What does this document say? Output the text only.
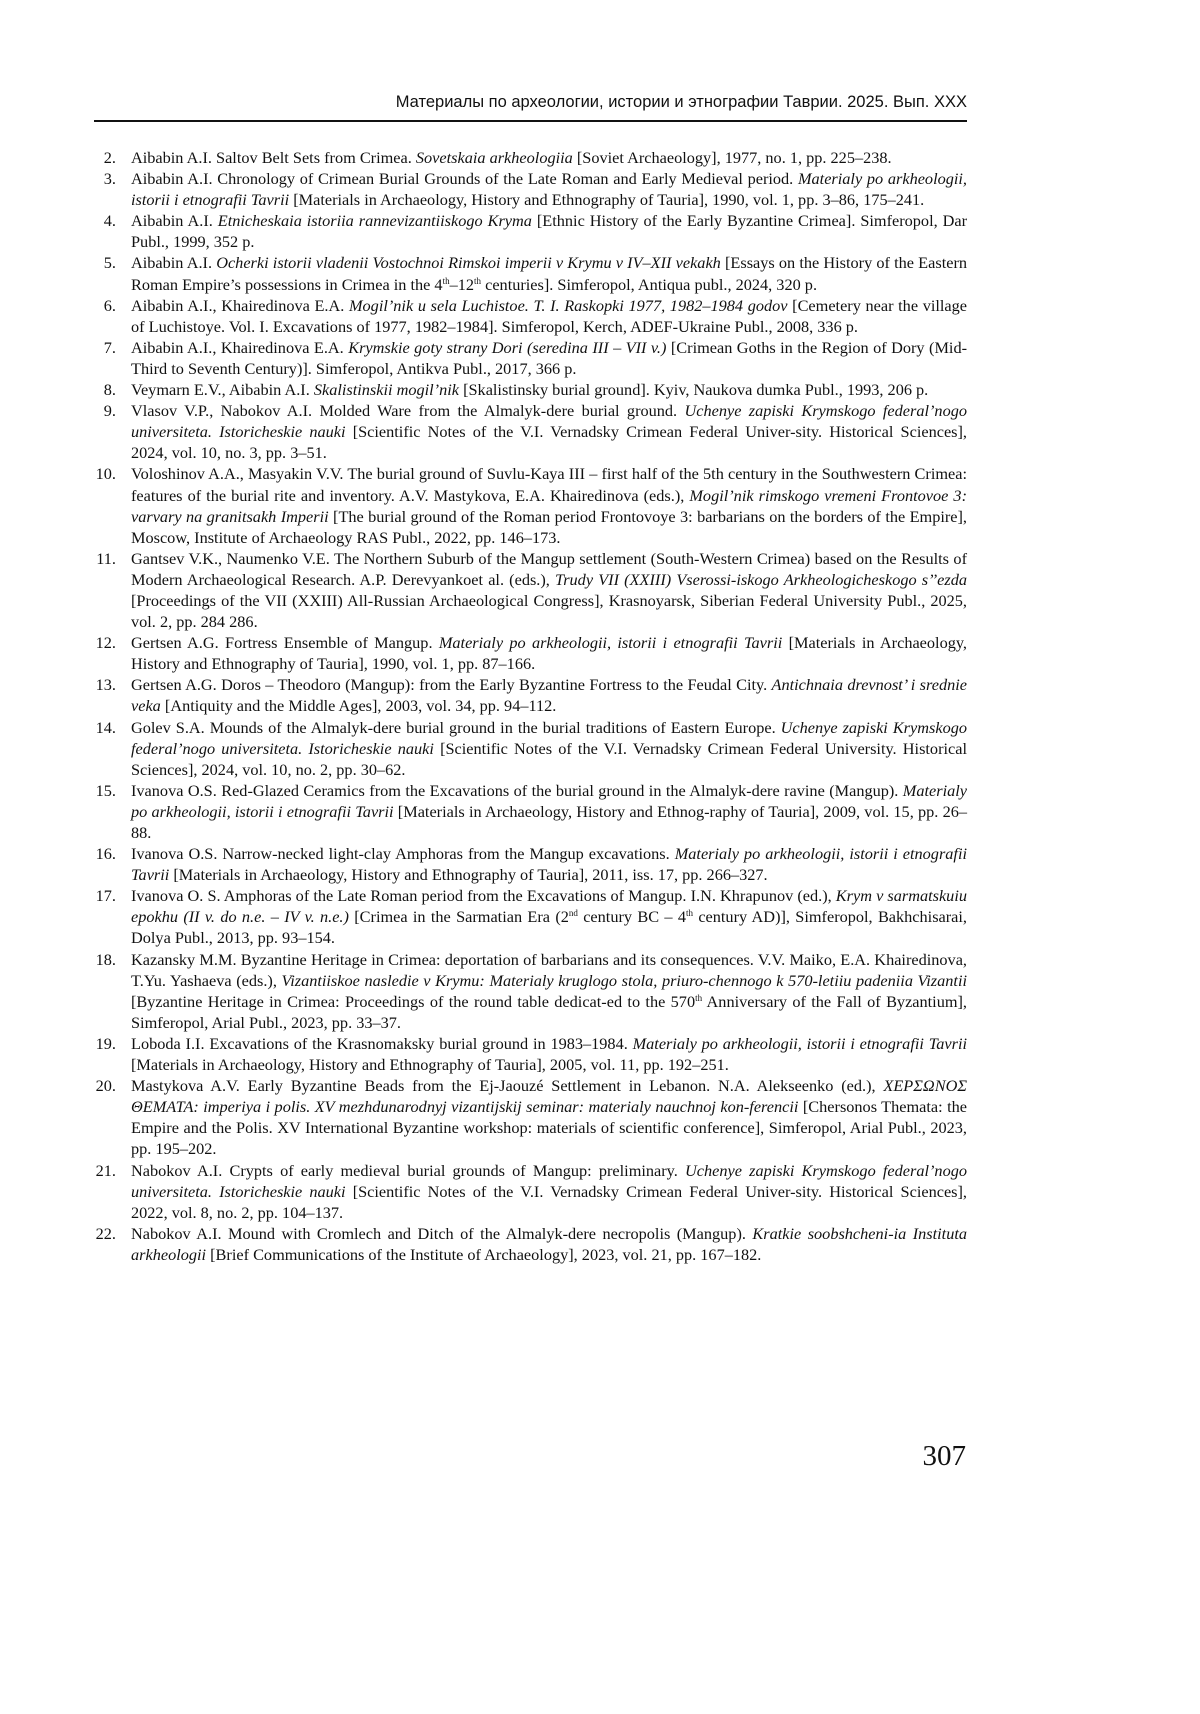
Материалы по археологии, истории и этнографии Таврии. 2025. Вып. XXX
2. Aibabin A.I. Saltov Belt Sets from Crimea. Sovetskaia arkheologiia [Soviet Archaeology], 1977, no. 1, pp. 225–238.
3. Aibabin A.I. Chronology of Crimean Burial Grounds of the Late Roman and Early Medieval period. Materialy po arkheologii, istorii i etnografii Tavrii [Materials in Archaeology, History and Ethnography of Tauria], 1990, vol. 1, pp. 3–86, 175–241.
4. Aibabin A.I. Etnicheskaia istoriia rannevizantiiskogo Kryma [Ethnic History of the Early Byzantine Crimea]. Simferopol, Dar Publ., 1999, 352 p.
5. Aibabin A.I. Ocherki istorii vladenii Vostochnoi Rimskoi imperii v Krymu v IV–XII vekakh [Essays on the History of the Eastern Roman Empire’s possessions in Crimea in the 4th–12th centuries]. Simferopol, Antiqua publ., 2024, 320 p.
6. Aibabin A.I., Khairedinova E.A. Mogil’nik u sela Luchistoe. T. I. Raskopki 1977, 1982–1984 godov [Cemetery near the village of Luchistoye. Vol. I. Excavations of 1977, 1982–1984]. Simferopol, Kerch, ADEF-Ukraine Publ., 2008, 336 p.
7. Aibabin A.I., Khairedinova E.A. Krymskie goty strany Dori (seredina III – VII v.) [Crimean Goths in the Region of Dory (Mid-Third to Seventh Century)]. Simferopol, Antikva Publ., 2017, 366 p.
8. Veymarn E.V., Aibabin A.I. Skalistinskii mogil’nik [Skalistinsky burial ground]. Kyiv, Naukova dumka Publ., 1993, 206 p.
9. Vlasov V.P., Nabokov A.I. Molded Ware from the Almalyk-dere burial ground. Uchenye zapiski Krymskogo federal’nogo universiteta. Istoricheskie nauki [Scientific Notes of the V.I. Vernadsky Crimean Federal Univer-sity. Historical Sciences], 2024, vol. 10, no. 3, pp. 3–51.
10. Voloshinov A.A., Masyakin V.V. The burial ground of Suvlu-Kaya III – first half of the 5th century in the Southwestern Crimea: features of the burial rite and inventory. A.V. Mastykova, E.A. Khairedinova (eds.), Mogil’nik rimskogo vremeni Frontovoe 3: varvary na granitsakh Imperii [The burial ground of the Roman period Frontovoye 3: barbarians on the borders of the Empire], Moscow, Institute of Archaeology RAS Publ., 2022, pp. 146–173.
11. Gantsev V.K., Naumenko V.E. The Northern Suburb of the Mangup settlement (South-Western Crimea) based on the Results of Modern Archaeological Research. A.P. Derevyankoet al. (eds.), Trudy VII (XXIII) Vserossi-iskogo Arkheologicheskogo s’’ezda [Proceedings of the VII (XXIII) All-Russian Archaeological Congress], Krasnoyarsk, Siberian Federal University Publ., 2025, vol. 2, pp. 284 286.
12. Gertsen A.G. Fortress Ensemble of Mangup. Materialy po arkheologii, istorii i etnografii Tavrii [Materials in Archaeology, History and Ethnography of Tauria], 1990, vol. 1, pp. 87–166.
13. Gertsen A.G. Doros – Theodoro (Mangup): from the Early Byzantine Fortress to the Feudal City. Antichnaia drevnost’ i srednie veka [Antiquity and the Middle Ages], 2003, vol. 34, pp. 94–112.
14. Golev S.A. Mounds of the Almalyk-dere burial ground in the burial traditions of Eastern Europe. Uchenye zapiski Krymskogo federal’nogo universiteta. Istoricheskie nauki [Scientific Notes of the V.I. Vernadsky Crimean Federal University. Historical Sciences], 2024, vol. 10, no. 2, pp. 30–62.
15. Ivanova O.S. Red-Glazed Ceramics from the Excavations of the burial ground in the Almalyk-dere ravine (Mangup). Materialy po arkheologii, istorii i etnografii Tavrii [Materials in Archaeology, History and Ethnog-raphy of Tauria], 2009, vol. 15, pp. 26–88.
16. Ivanova O.S. Narrow-necked light-clay Amphoras from the Mangup excavations. Materialy po arkheologii, istorii i etnografii Tavrii [Materials in Archaeology, History and Ethnography of Tauria], 2011, iss. 17, pp. 266–327.
17. Ivanova O. S. Amphoras of the Late Roman period from the Excavations of Mangup. I.N. Khrapunov (ed.), Krym v sarmatskuiu epokhu (II v. do n.e. – IV v. n.e.) [Crimea in the Sarmatian Era (2nd century BC – 4th century AD)], Simferopol, Bakhchisarai, Dolya Publ., 2013, pp. 93–154.
18. Kazansky M.M. Byzantine Heritage in Crimea: deportation of barbarians and its consequences. V.V. Maiko, E.A. Khairedinova, T.Yu. Yashaeva (eds.), Vizantiiskoe nasledie v Krymu: Materialy kruglogo stola, priuro-chennogo k 570-letiiu padeniia Vizantii [Byzantine Heritage in Crimea: Proceedings of the round table dedicat-ed to the 570th Anniversary of the Fall of Byzantium], Simferopol, Arial Publ., 2023, pp. 33–37.
19. Loboda I.I. Excavations of the Krasnomaksky burial ground in 1983–1984. Materialy po arkheologii, istorii i etnografii Tavrii [Materials in Archaeology, History and Ethnography of Tauria], 2005, vol. 11, pp. 192–251.
20. Mastykova A.V. Early Byzantine Beads from the Ej-Jaouzé Settlement in Lebanon. N.A. Alekseenko (ed.), ΧΕΡΣΩΝΟΣ ΘΕΜΑΤΑ: imperiya i polis. XV mezhdunarodnyj vizantijskij seminar: materialy nauchnoj kon-ferencii [Chersonos Themata: the Empire and the Polis. XV International Byzantine workshop: materials of scientific conference], Simferopol, Arial Publ., 2023, pp. 195–202.
21. Nabokov A.I. Crypts of early medieval burial grounds of Mangup: preliminary. Uchenye zapiski Krymskogo federal’nogo universiteta. Istoricheskie nauki [Scientific Notes of the V.I. Vernadsky Crimean Federal Univer-sity. Historical Sciences], 2022, vol. 8, no. 2, pp. 104–137.
22. Nabokov A.I. Mound with Cromlech and Ditch of the Almalyk-dere necropolis (Mangup). Kratkie soobshcheni-ia Instituta arkheologii [Brief Communications of the Institute of Archaeology], 2023, vol. 21, pp. 167–182.
307
